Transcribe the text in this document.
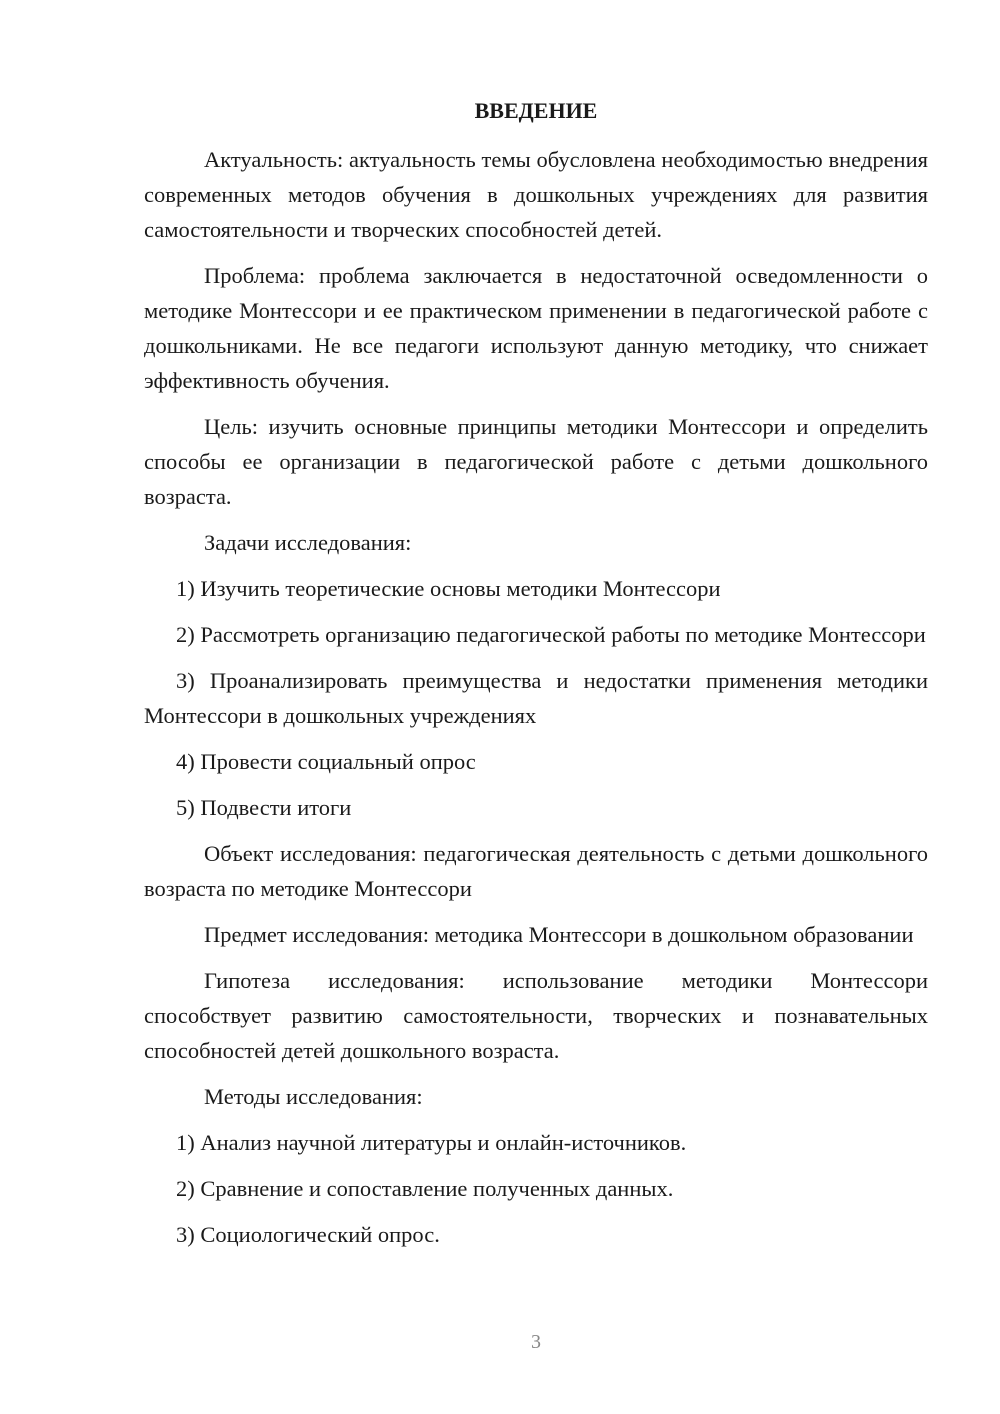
ВВЕДЕНИЕ

Актуальность: актуальность темы обусловлена необходимостью внедрения современных методов обучения в дошкольных учреждениях для развития самостоятельности и творческих способностей детей.

Проблема: проблема заключается в недостаточной осведомленности о методике Монтессори и ее практическом применении в педагогической работе с дошкольниками. Не все педагоги используют данную методику, что снижает эффективность обучения.

Цель: изучить основные принципы методики Монтессори и определить способы ее организации в педагогической работе с детьми дошкольного возраста.

Задачи исследования:

1) Изучить теоретические основы методики Монтессори

2) Рассмотреть организацию педагогической работы по методике Монтессори

3) Проанализировать преимущества и недостатки применения методики Монтессори в дошкольных учреждениях

4) Провести социальный опрос

5) Подвести итоги

Объект исследования: педагогическая деятельность с детьми дошкольного возраста по методике Монтессори

Предмет исследования: методика Монтессори в дошкольном образовании

Гипотеза исследования: использование методики Монтессори способствует развитию самостоятельности, творческих и познавательных способностей детей дошкольного возраста.

Методы исследования:

1) Анализ научной литературы и онлайн-источников.

2) Сравнение и сопоставление полученных данных.

3) Социологический опрос.

3
